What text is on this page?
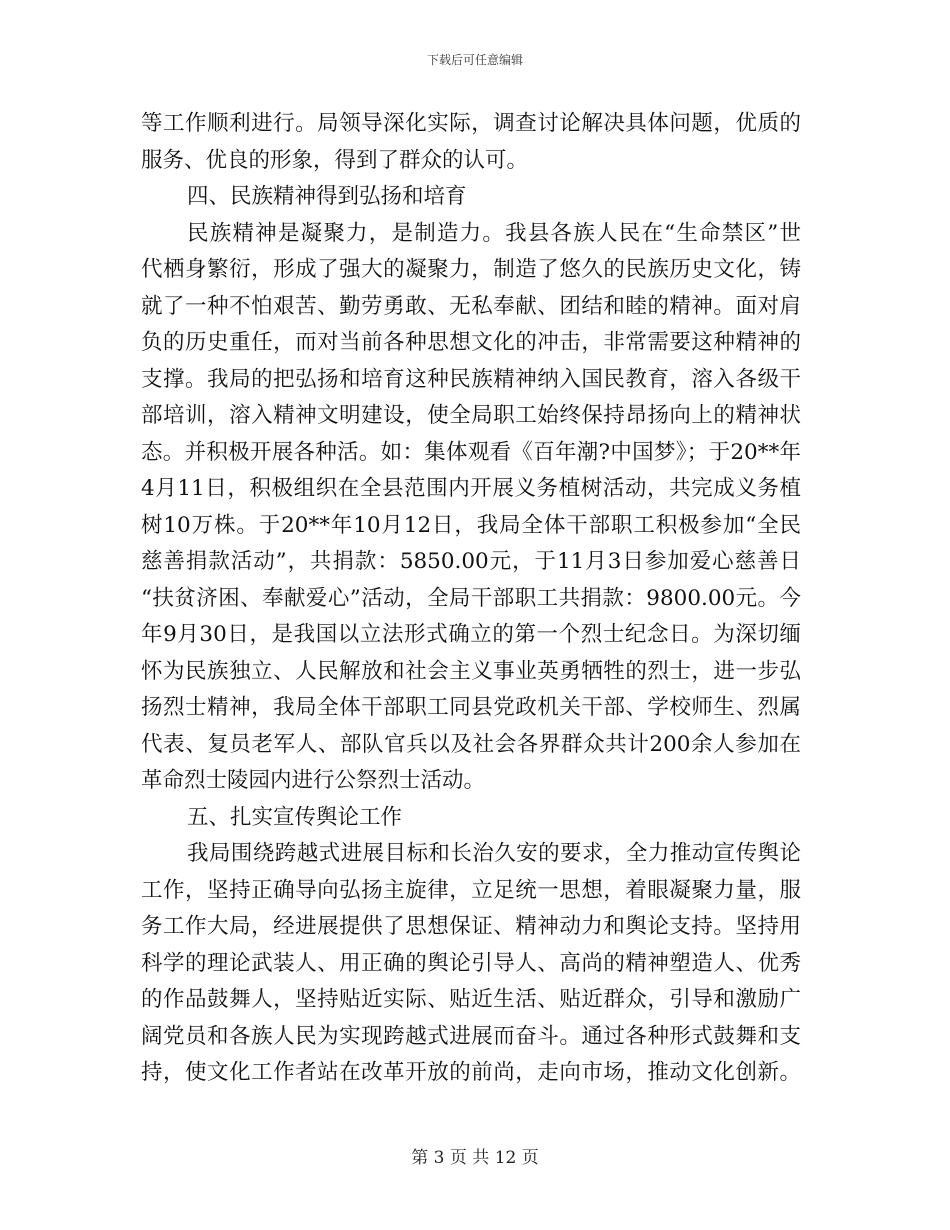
下载后可任意编辑
等工作顺利进行。局领导深化实际，调查讨论解决具体问题，优质的
服务、优良的形象，得到了群众的认可。
四、民族精神得到弘扬和培育
民族精神是凝聚力，是制造力。我县各族人民在“生命禁区”世
代栖身繁衍，形成了强大的凝聚力，制造了悠久的民族历史文化，铸
就了一种不怕艰苦、勤劳勇敢、无私奉献、团结和睦的精神。面对肩
负的历史重任，而对当前各种思想文化的冲击，非常需要这种精神的
支撑。我局的把弘扬和培育这种民族精神纳入国民教育，溶入各级干
部培训，溶入精神文明建设，使全局职工始终保持昂扬向上的精神状
态。并积极开展各种活。如：集体观看《百年潮?中国梦》；于20**年
4月11日，积极组织在全县范围内开展义务植树活动，共完成义务植
树10万株。于20**年10月12日，我局全体干部职工积极参加“全民
慈善捐款活动”，共捐款：5850.00元，于11月3日参加爱心慈善日
“扶贫济困、奉献爱心”活动，全局干部职工共捐款：9800.00元。今
年9月30日，是我国以立法形式确立的第一个烈士纪念日。为深切缅
怀为民族独立、人民解放和社会主义事业英勇牺牲的烈士，进一步弘
扬烈士精神，我局全体干部职工同县党政机关干部、学校师生、烈属
代表、复员老军人、部队官兵以及社会各界群众共计200余人参加在
革命烈士陵园内进行公祭烈士活动。
五、扎实宣传舆论工作
我局围绕跨越式进展目标和长治久安的要求，全力推动宣传舆论
工作，坚持正确导向弘扬主旋律，立足统一思想，着眼凝聚力量，服
务工作大局，经进展提供了思想保证、精神动力和舆论支持。坚持用
科学的理论武装人、用正确的舆论引导人、高尚的精神塑造人、优秀
的作品鼓舞人，坚持贴近实际、贴近生活、贴近群众，引导和激励广
阔党员和各族人民为实现跨越式进展而奋斗。通过各种形式鼓舞和支
持，使文化工作者站在改革开放的前尚，走向市场，推动文化创新。
第 3 页 共 12 页
